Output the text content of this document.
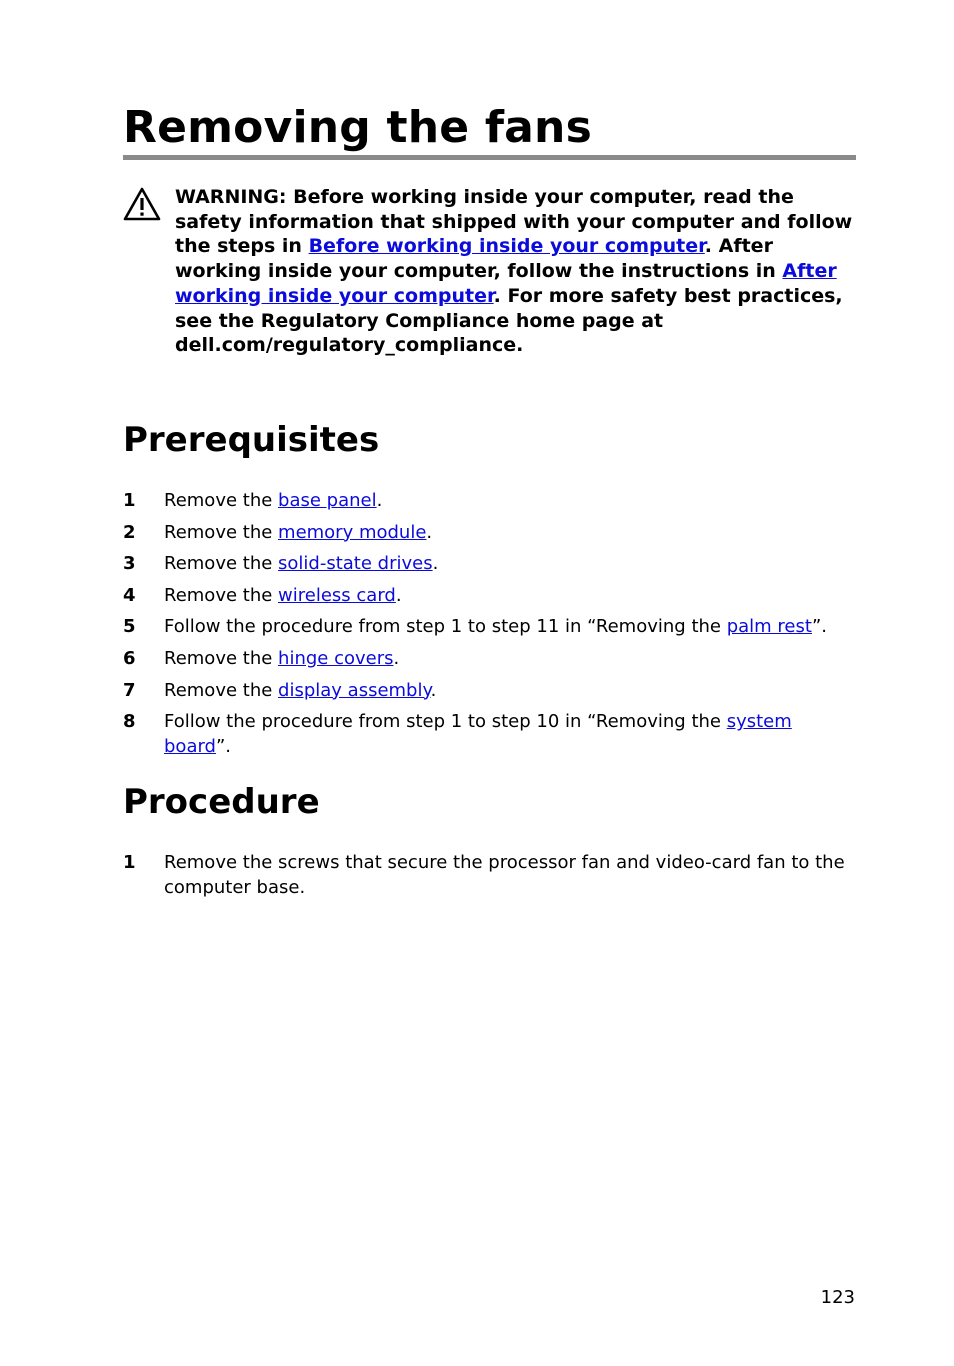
Removing the fans

WARNING: Before working inside your computer, read the safety information that shipped with your computer and follow the steps in Before working inside your computer. After working inside your computer, follow the instructions in After working inside your computer. For more safety best practices, see the Regulatory Compliance home page at dell.com/regulatory_compliance.

Prerequisites
1 Remove the base panel.
2 Remove the memory module.
3 Remove the solid-state drives.
4 Remove the wireless card.
5 Follow the procedure from step 1 to step 11 in “Removing the palm rest”.
6 Remove the hinge covers.
7 Remove the display assembly.
8 Follow the procedure from step 1 to step 10 in “Removing the system board”.
Procedure
1 Remove the screws that secure the processor fan and video-card fan to the computer base.
123
